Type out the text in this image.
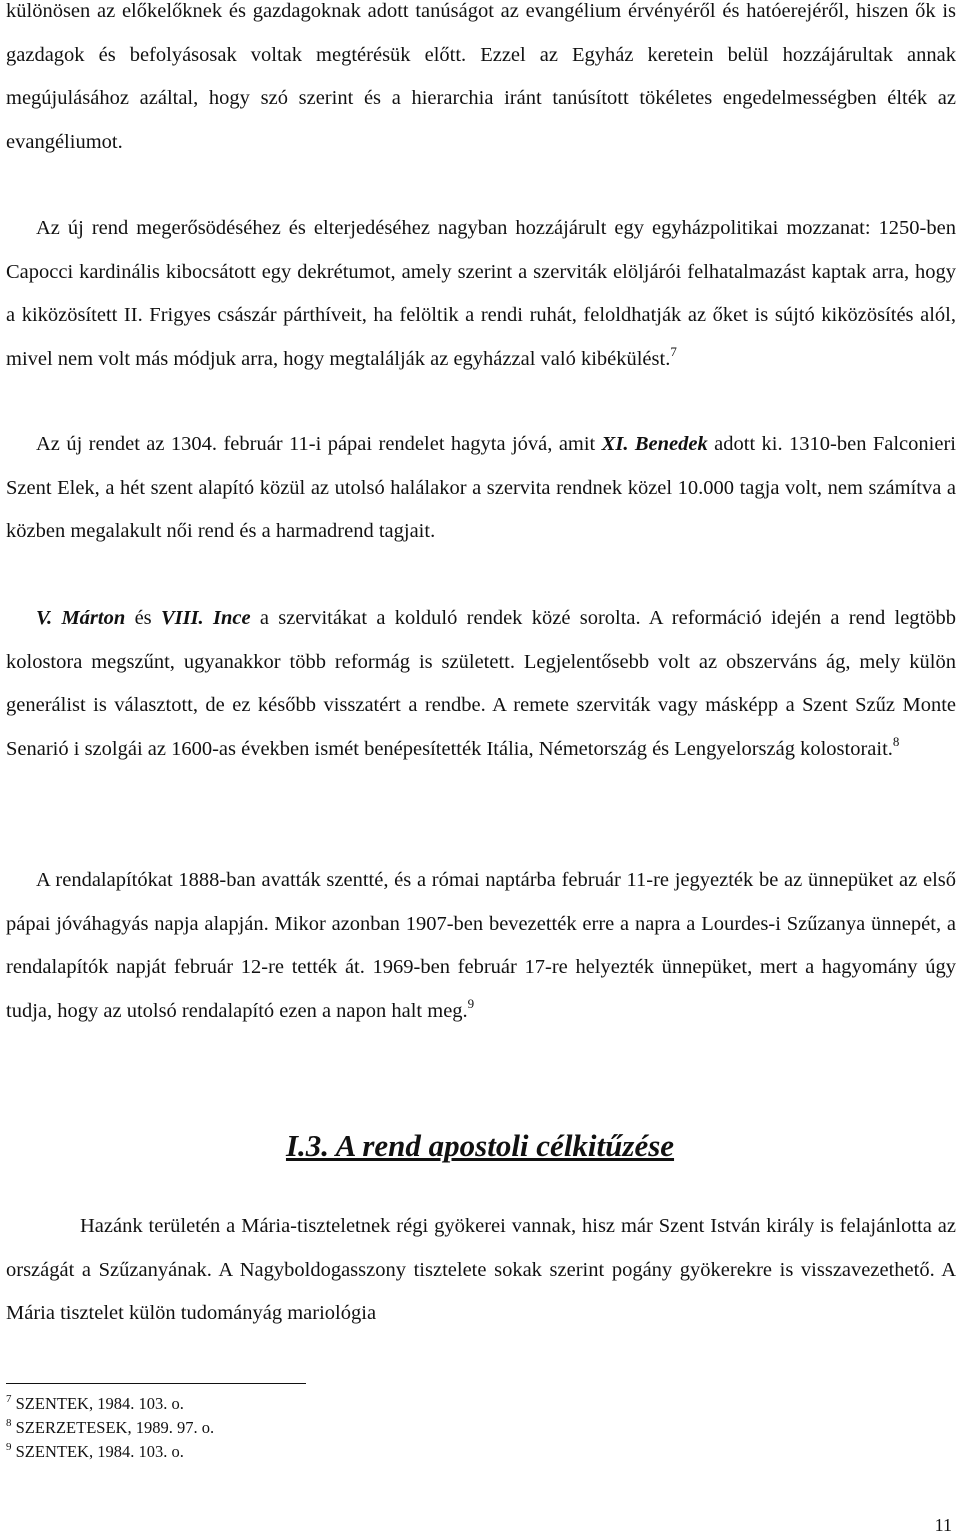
különösen az előkelőknek és gazdagoknak adott tanúságot az evangélium érvényéről és hatóerejéről, hiszen ők is gazdagok és befolyásosak voltak megtérésük előtt. Ezzel az Egyház keretein belül hozzájárultak annak megújulásához azáltal, hogy szó szerint és a hierarchia iránt tanúsított tökéletes engedelmességben élték az evangéliumot.

Az új rend megerősödéséhez és elterjedéséhez nagyban hozzájárult egy egyházpolitikai mozzanat: 1250-ben Capocci kardinális kibocsátott egy dekrétumot, amely szerint a szerviták elöljárói felhatalmazást kaptak arra, hogy a kiközösített II. Frigyes császár párthíveit, ha felöltik a rendi ruhát, feloldhatják az őket is sújtó kiközösítés alól, mivel nem volt más módjuk arra, hogy megtalálják az egyházzal való kibékülést.$^7$

Az új rendet az 1304. február 11-i pápai rendelet hagyta jóvá, amit XI. Benedek adott ki. 1310-ben Falconieri Szent Elek, a hét szent alapító közül az utolsó halálakor a szervita rendnek közel 10.000 tagja volt, nem számítva a közben megalakult női rend és a harmadrend tagjait.

V. Márton és VIII. Ince a szervitákat a kolduló rendek közé sorolta. A reformáció idején a rend legtöbb kolostora megszűnt, ugyanakkor több reformág is született. Legjelentősebb volt az obszerváns ág, mely külön generálist is választott, de ez később visszatért a rendbe. A remete szerviták vagy másképp a Szent Szűz Monte Senarió i szolgái az 1600-as években ismét benépesítették Itália, Németország és Lengyelország kolostorait.$^8$

A rendalapítókat 1888-ban avatták szentté, és a római naptárba február 11-re jegyezték be az ünnepüket az első pápai jóváhagyás napja alapján. Mikor azonban 1907-ben bevezették erre a napra a Lourdes-i Szűzanya ünnepét, a rendalapítók napját február 12-re tették át. 1969-ben február 17-re helyezték ünnepüket, mert a hagyomány úgy tudja, hogy az utolsó rendalapító ezen a napon halt meg.$^9$

I.3. A rend apostoli célkitűzése

Hazánk területén a Mária-tiszteletnek régi gyökerei vannak, hisz már Szent István király is felajánlotta az országát a Szűzanyának. A Nagyboldogasszony tisztelete sokak szerint pogány gyökerekre is visszavezethető. A Mária tisztelet külön tudományág mariológia

$^7$ SZENTEK, 1984. 103. o.
$^8$ SZERZETESEK, 1989. 97. o.
$^9$ SZENTEK, 1984. 103. o.
11
